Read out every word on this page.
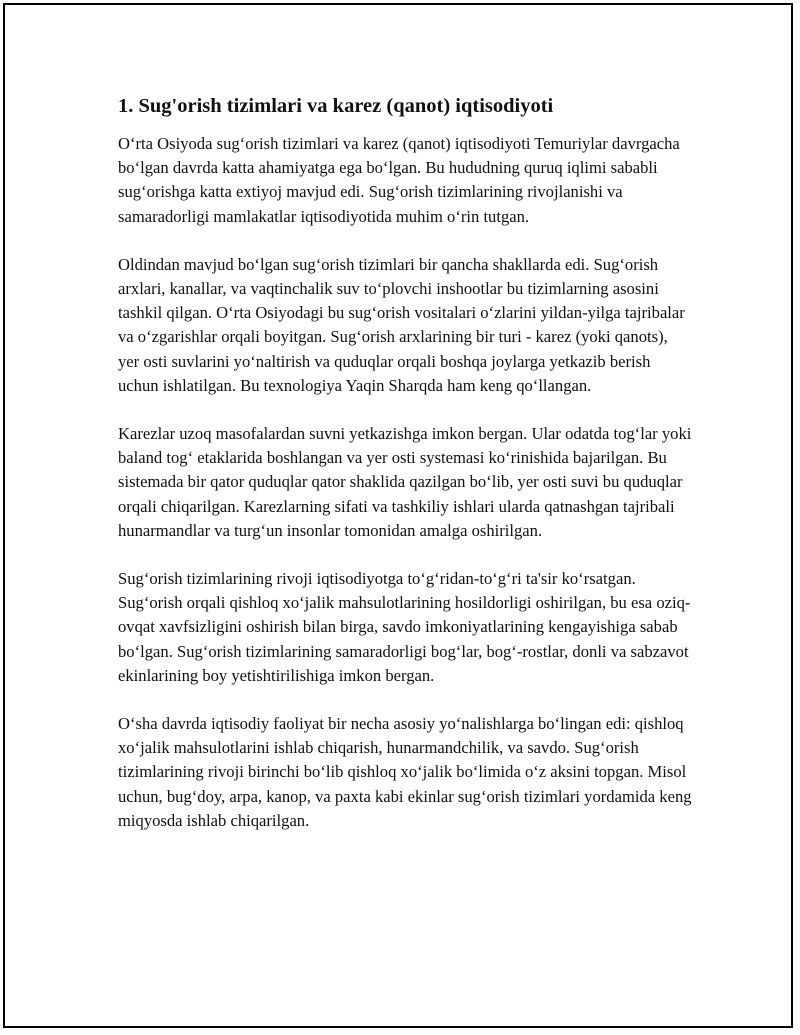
1. Sug'orish tizimlari va karez (qanot) iqtisodiyoti

O‘rta Osiyoda sug‘orish tizimlari va karez (qanot) iqtisodiyoti Temuriylar davrgacha bo‘lgan davrda katta ahamiyatga ega bo‘lgan. Bu hududning quruq iqlimi sababli sug‘orishga katta extiyoj mavjud edi. Sug‘orish tizimlarining rivojlanishi va samaradorligi mamlakatlar iqtisodiyotida muhim o‘rin tutgan.

Oldindan mavjud bo‘lgan sug‘orish tizimlari bir qancha shakllarda edi. Sug‘orish arxlari, kanallar, va vaqtinchalik suv to‘plovchi inshootlar bu tizimlarning asosini tashkil qilgan. O‘rta Osiyodagi bu sug‘orish vositalari o‘zlarini yildan-yilga tajribalar va o‘zgarishlar orqali boyitgan. Sug‘orish arxlarining bir turi - karez (yoki qanots), yer osti suvlarini yo‘naltirish va quduqlar orqali boshqa joylarga yetkazib berish uchun ishlatilgan. Bu texnologiya Yaqin Sharqda ham keng qo‘llangan.

Karezlar uzoq masofalardan suvni yetkazishga imkon bergan. Ular odatda tog‘lar yoki baland tog‘ etaklarida boshlangan va yer osti systemasi ko‘rinishida bajarilgan. Bu sistemada bir qator quduqlar qator shaklida qazilgan bo‘lib, yer osti suvi bu quduqlar orqali chiqarilgan. Karezlarning sifati va tashkiliy ishlari ularda qatnashgan tajribali hunarmandlar va turg‘un insonlar tomonidan amalga oshirilgan.

Sug‘orish tizimlarining rivoji iqtisodiyotga to‘g‘ridan-to‘g‘ri ta'sir ko‘rsatgan. Sug‘orish orqali qishloq xo‘jalik mahsulotlarining hosildorligi oshirilgan, bu esa oziq-ovqat xavfsizligini oshirish bilan birga, savdo imkoniyatlarining kengayishiga sabab bo‘lgan. Sug‘orish tizimlarining samaradorligi bog‘lar, bog‘-rostlar, donli va sabzavot ekinlarining boy yetishtirilishiga imkon bergan.

O‘sha davrda iqtisodiy faoliyat bir necha asosiy yo‘nalishlarga bo‘lingan edi: qishloq xo‘jalik mahsulotlarini ishlab chiqarish, hunarmandchilik, va savdo. Sug‘orish tizimlarining rivoji birinchi bo‘lib qishloq xo‘jalik bo‘limida o‘z aksini topgan. Misol uchun, bug‘doy, arpa, kanop, va paxta kabi ekinlar sug‘orish tizimlari yordamida keng miqyosda ishlab chiqarilgan.
